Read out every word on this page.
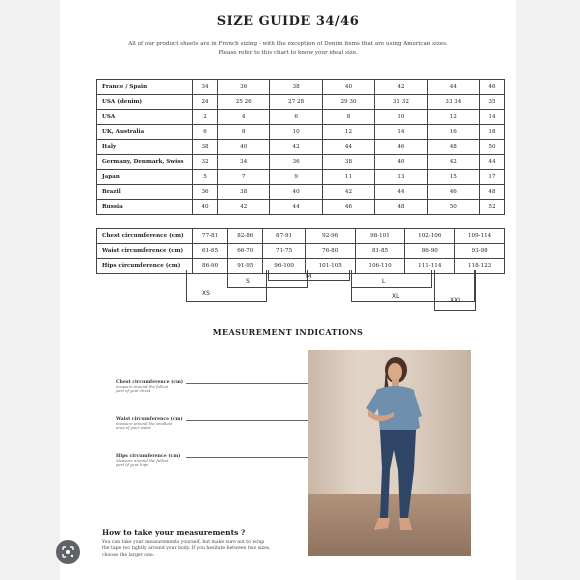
SIZE GUIDE 34/46
All of our product sheets are in French sizing - with the exception of Denim items that are using American sizes.
Please refer to this chart to know your ideal size.
France / Spain	34	36	38	40	42	44	46
USA (denim)	24	25 26	27 28	29 30	31 32	33 34	35
USA	2	4	6	8	10	12	14
UK, Australia	6	8	10	12	14	16	18
Italy	38	40	42	44	46	48	50
Germany, Denmark, Swiss	32	34	36	38	40	42	44
Japan	5	7	9	11	13	15	17
Brazil	36	38	40	42	44	46	48
Russia	40	42	44	46	48	50	52
Chest circumference (cm)	77-81	82-86	87-91	92-96	98-101	102-106	109-114
Waist circumference (cm)	61-65	66-70	71-75	76-80	81-85	86-90	93-98
Hips circumference (cm)	86-90	91-95	96-100	101-105	106-110	111-114	118-123
XS
S
M
L
XL
XXL
MEASUREMENT INDICATIONS
Chest circumference (cm)
measure around the fullest part of your chest
Waist circumference (cm)
measure around the smallest area of your waist
Hips circumference (cm)
Measure around the fullest part of your hips
How to take your measurements ?
You can take your measurements yourself, but make sure not to wrap the tape too tightly around your body. If you hesitate between two sizes, choose the larger one.
